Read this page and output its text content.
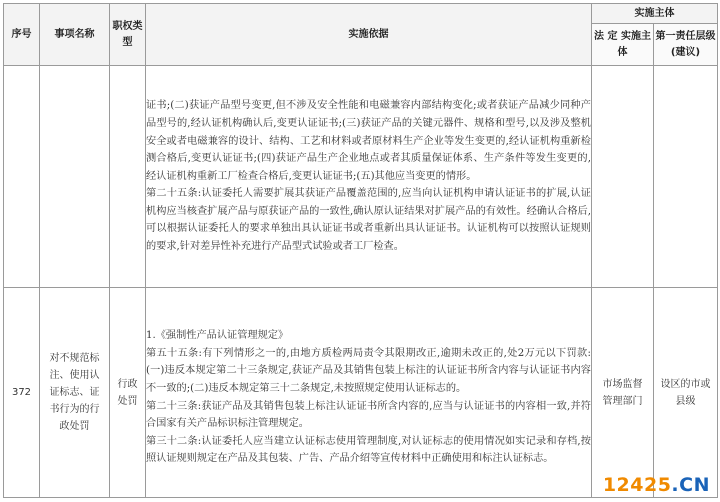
序号	事项名称	职权类型	实施依据	实施主体	
				法 定 实施主体	第一责任层级(建议)

			证书;(二)获证产品型号变更,但不涉及安全性能和电磁兼容内部结构变化;或者获证产品减少同种产品型号的,经认证机构确认后,变更认证证书;(三)获证产品的关键元器件、规格和型号,以及涉及整机安全或者电磁兼容的设计、结构、工艺和材料或者原材料生产企业等发生变更的,经认证机构重新检测合格后,变更认证证书;(四)获证产品生产企业地点或者其质量保证体系、生产条件等发生变更的,经认证机构重新工厂检查合格后,变更认证证书;(五)其他应当变更的情形。

第二十五条:认证委托人需要扩展其获证产品覆盖范围的,应当向认证机构申请认证证书的扩展,认证机构应当核查扩展产品与原获证产品的一致性,确认原认证结果对扩展产品的有效性。经确认合格后,可以根据认证委托人的要求单独出具认证证书或者重新出具认证证书。认证机构可以按照认证规则的要求,针对差异性补充进行产品型式试验或者工厂检查。		

372	对不规范标注、使用认证标志、证书行为的行政处罚	行政处罚	1.《强制性产品认证管理规定》

第五十五条:有下列情形之一的,由地方质检两局责令其限期改正,逾期未改正的,处2万元以下罚款:(一)违反本规定第二十三条规定,获证产品及其销售包装上标注的认证证书所含内容与认证证书内容不一致的;(二)违反本规定第三十二条规定,未按照规定使用认证标志的。

第二十三条:获证产品及其销售包装上标注认证证书所含内容的,应当与认证证书的内容相一致,并符合国家有关产品标识标注管理规定。

第三十二条:认证委托人应当建立认证标志使用管理制度,对认证标志的使用情况如实记录和存档,按照认证规则规定在产品及其包装、广告、产品介绍等宣传材料中正确使用和标注认证标志。	市场监督管理部门	设区的市或县级
12425.CN
